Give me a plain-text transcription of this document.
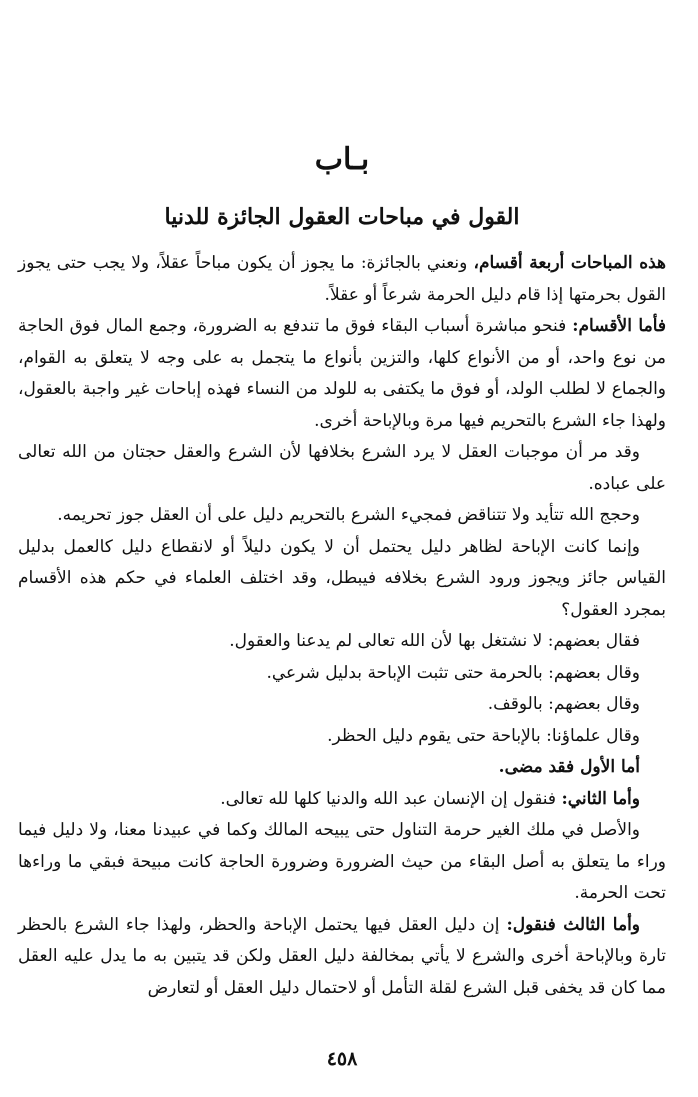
بـاب
القول في مباحات العقول الجائزة للدنيا

هذه المباحات أربعة أقسام، ونعني بالجائزة: ما يجوز أن يكون مباحاً عقلاً، ولا يجب حتى يجوز القول بحرمتها إذا قام دليل الحرمة شرعاً أو عقلاً.

فأما الأقسام: فنحو مباشرة أسباب البقاء فوق ما تندفع به الضرورة، وجمع المال فوق الحاجة من نوع واحد، أو من الأنواع كلها، والتزين بأنواع ما يتجمل به على وجه لا يتعلق به القوام، والجماع لا لطلب الولد، أو فوق ما يكتفى به للولد من النساء فهذه إباحات غير واجبة بالعقول، ولهذا جاء الشرع بالتحريم فيها مرة وبالإباحة أخرى.

وقد مر أن موجبات العقل لا يرد الشرع بخلافها لأن الشرع والعقل حجتان من الله تعالى على عباده.

وحجج الله تتأيد ولا تتناقض فمجيء الشرع بالتحريم دليل على أن العقل جوز تحريمه.

وإنما كانت الإباحة لظاهر دليل يحتمل أن لا يكون دليلاً أو لانقطاع دليل كالعمل بدليل القياس جائز ويجوز ورود الشرع بخلافه فيبطل، وقد اختلف العلماء في حكم هذه الأقسام بمجرد العقول؟

فقال بعضهم: لا نشتغل بها لأن الله تعالى لم يدعنا والعقول.

وقال بعضهم: بالحرمة حتى تثبت الإباحة بدليل شرعي.

وقال بعضهم: بالوقف.

وقال علماؤنا: بالإباحة حتى يقوم دليل الحظر.

أما الأول فقد مضى.

وأما الثاني: فنقول إن الإنسان عبد الله والدنيا كلها لله تعالى.

والأصل في ملك الغير حرمة التناول حتى يبيحه المالك وكما في عبيدنا معنا، ولا دليل فيما وراء ما يتعلق به أصل البقاء من حيث الضرورة وضرورة الحاجة كانت مبيحة فبقي ما وراءها تحت الحرمة.

وأما الثالث فنقول: إن دليل العقل فيها يحتمل الإباحة والحظر، ولهذا جاء الشرع بالحظر تارة وبالإباحة أخرى والشرع لا يأتي بمخالفة دليل العقل ولكن قد يتبين به ما يدل عليه العقل مما كان قد يخفى قبل الشرع لقلة التأمل أو لاحتمال دليل العقل أو لتعارض

٤٥٨
